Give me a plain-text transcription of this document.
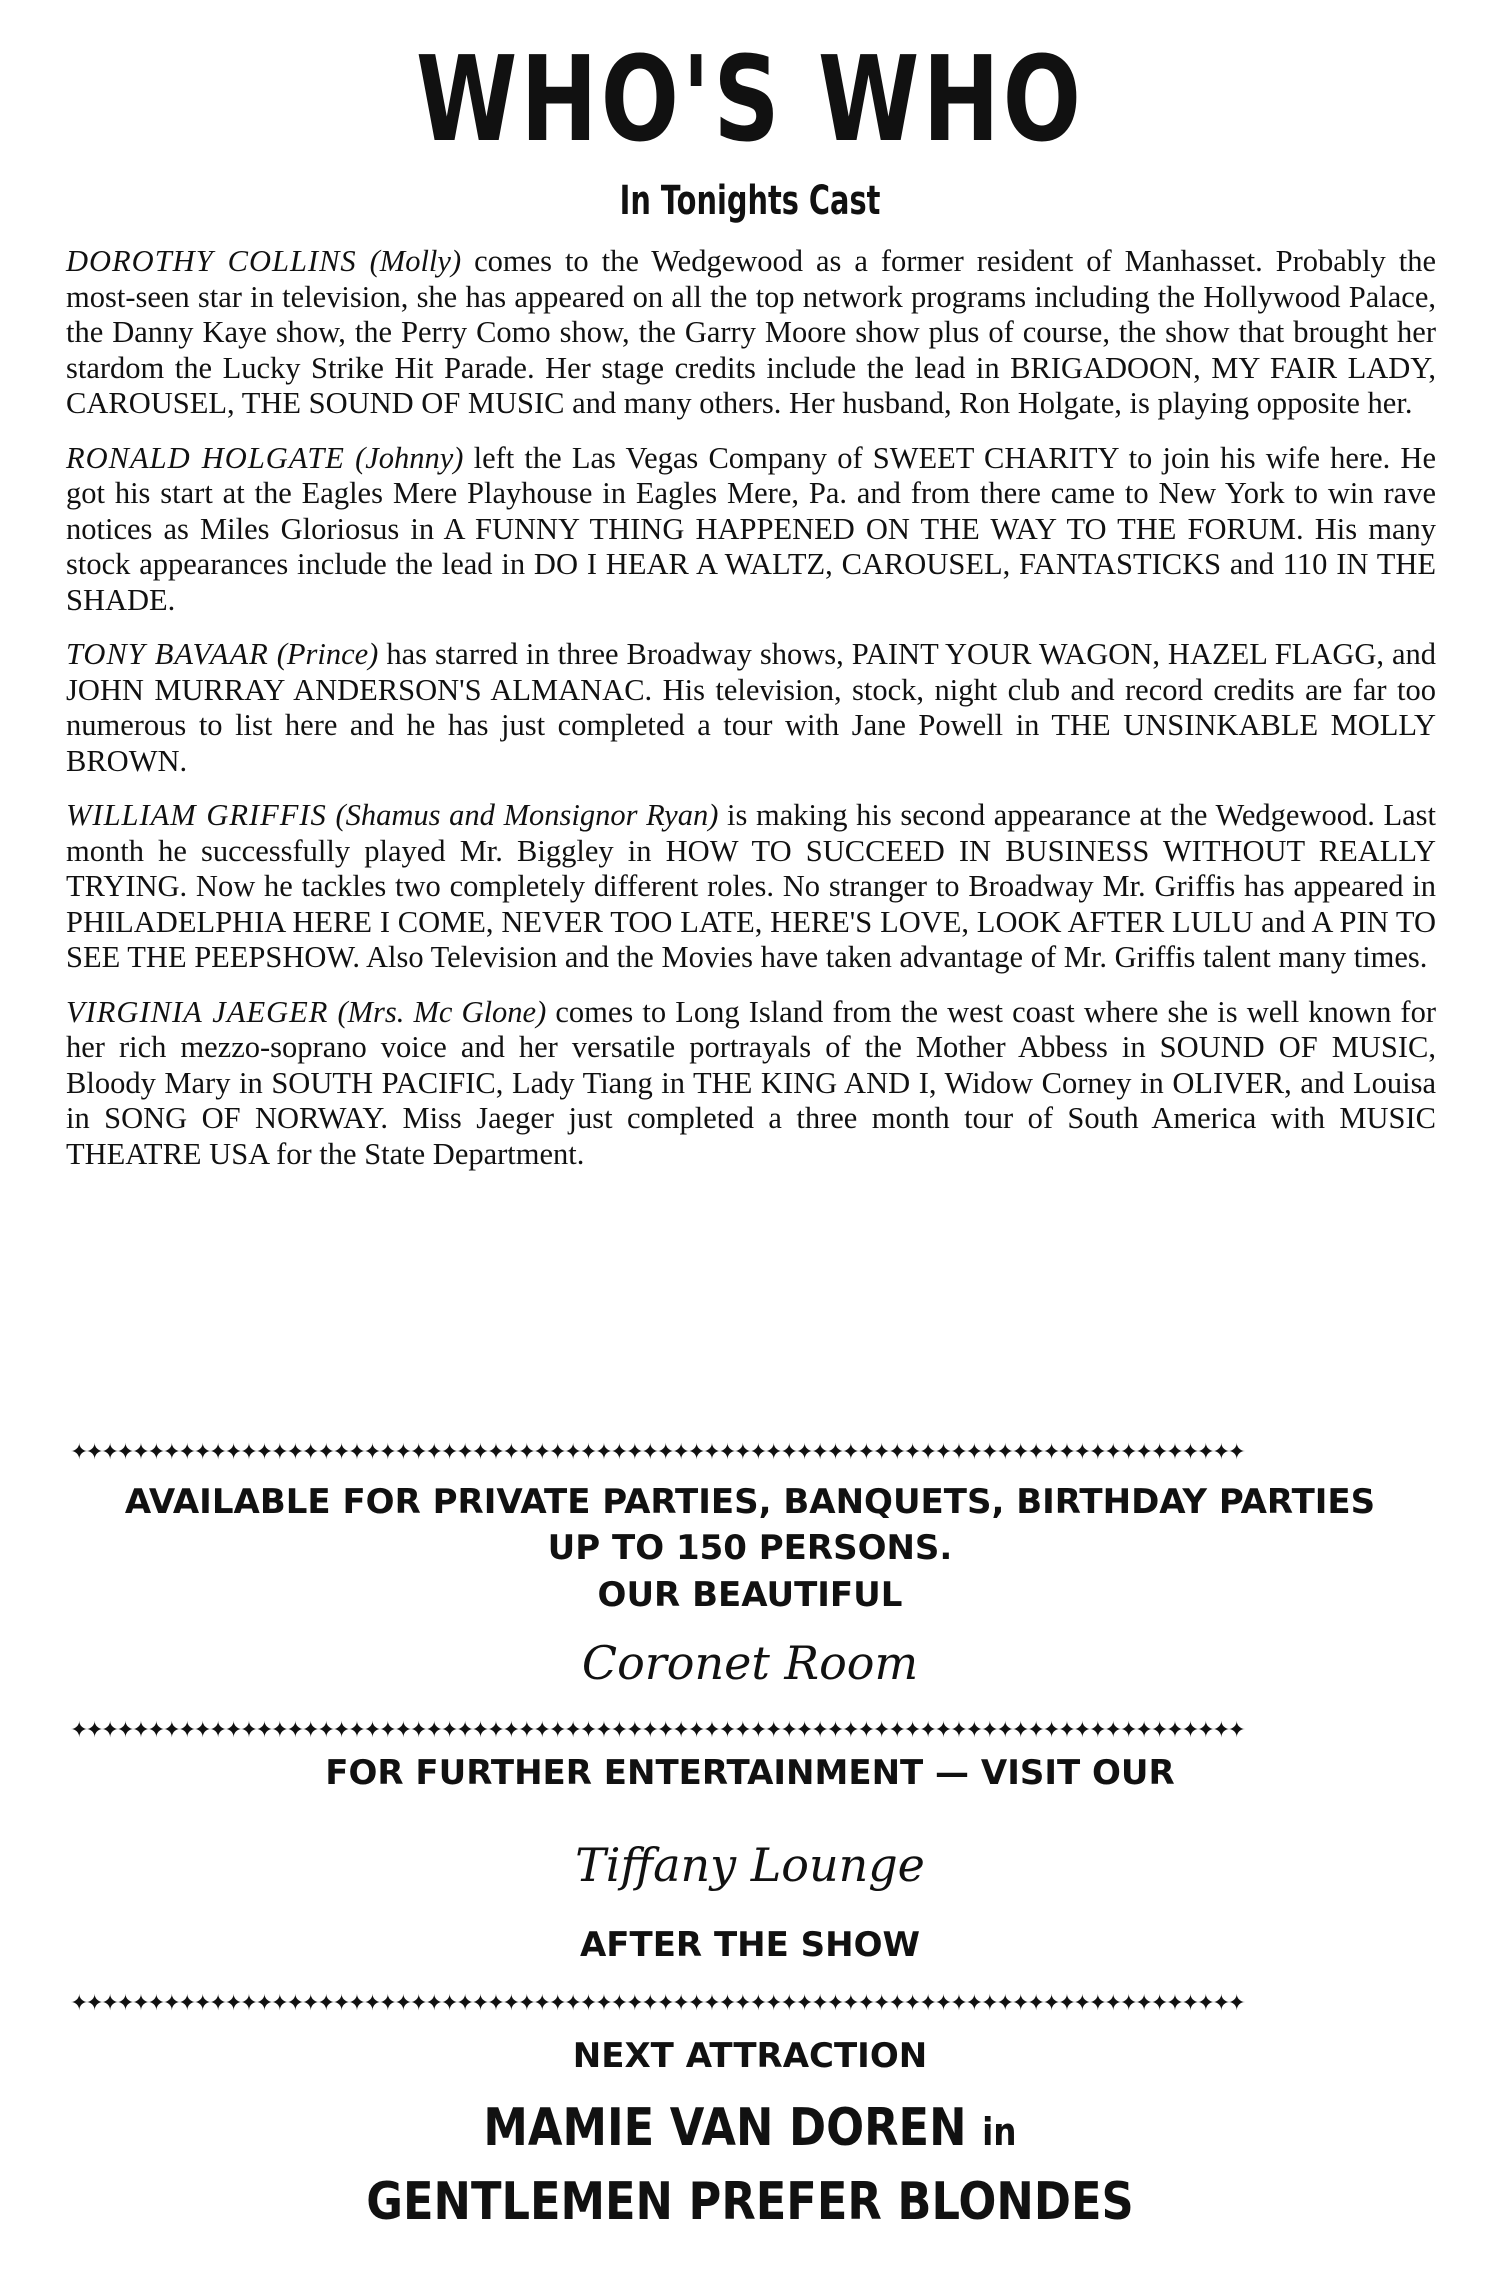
WHO'S WHO
In Tonights Cast

DOROTHY COLLINS (Molly) comes to the Wedgewood as a former resident of Manhasset. Probably the most-seen star in television, she has appeared on all the top network programs including the Hollywood Palace, the Danny Kaye show, the Perry Como show, the Garry Moore show plus of course, the show that brought her stardom the Lucky Strike Hit Parade. Her stage credits include the lead in BRIGADOON, MY FAIR LADY, CAROUSEL, THE SOUND OF MUSIC and many others. Her husband, Ron Holgate, is playing opposite her.

RONALD HOLGATE (Johnny) left the Las Vegas Company of SWEET CHARITY to join his wife here. He got his start at the Eagles Mere Playhouse in Eagles Mere, Pa. and from there came to New York to win rave notices as Miles Gloriosus in A FUNNY THING HAPPENED ON THE WAY TO THE FORUM. His many stock appearances include the lead in DO I HEAR A WALTZ, CAROUSEL, FANTASTICKS and 110 IN THE SHADE.

TONY BAVAAR (Prince) has starred in three Broadway shows, PAINT YOUR WAGON, HAZEL FLAGG, and JOHN MURRAY ANDERSON'S ALMANAC. His television, stock, night club and record credits are far too numerous to list here and he has just completed a tour with Jane Powell in THE UNSINKABLE MOLLY BROWN.

WILLIAM GRIFFIS (Shamus and Monsignor Ryan) is making his second appearance at the Wedgewood. Last month he successfully played Mr. Biggley in HOW TO SUCCEED IN BUSINESS WITHOUT REALLY TRYING. Now he tackles two completely different roles. No stranger to Broadway Mr. Griffis has appeared in PHILADELPHIA HERE I COME, NEVER TOO LATE, HERE'S LOVE, LOOK AFTER LULU and A PIN TO SEE THE PEEPSHOW. Also Television and the Movies have taken advantage of Mr. Griffis talent many times.

VIRGINIA JAEGER (Mrs. Mc Glone) comes to Long Island from the west coast where she is well known for her rich mezzo-soprano voice and her versatile portrayals of the Mother Abbess in SOUND OF MUSIC, Bloody Mary in SOUTH PACIFIC, Lady Tiang in THE KING AND I, Widow Corney in OLIVER, and Louisa in SONG OF NORWAY. Miss Jaeger just completed a three month tour of South America with MUSIC THEATRE USA for the State Department.

✦✦✦✦✦✦✦✦✦✦✦✦✦✦✦✦✦✦✦✦✦✦✦✦✦✦✦✦✦✦✦✦✦✦✦✦✦✦✦✦✦✦✦✦✦✦✦✦✦✦✦✦✦✦✦✦✦✦✦✦✦✦✦✦✦✦✦✦✦✦✦✦✦✦✦✦
AVAILABLE FOR PRIVATE PARTIES, BANQUETS, BIRTHDAY PARTIES
UP TO 150 PERSONS.
OUR BEAUTIFUL
Coronet Room
✦✦✦✦✦✦✦✦✦✦✦✦✦✦✦✦✦✦✦✦✦✦✦✦✦✦✦✦✦✦✦✦✦✦✦✦✦✦✦✦✦✦✦✦✦✦✦✦✦✦✦✦✦✦✦✦✦✦✦✦✦✦✦✦✦✦✦✦✦✦✦✦✦✦✦✦
FOR FURTHER ENTERTAINMENT — VISIT OUR
Tiffany Lounge
AFTER THE SHOW
✦✦✦✦✦✦✦✦✦✦✦✦✦✦✦✦✦✦✦✦✦✦✦✦✦✦✦✦✦✦✦✦✦✦✦✦✦✦✦✦✦✦✦✦✦✦✦✦✦✦✦✦✦✦✦✦✦✦✦✦✦✦✦✦✦✦✦✦✦✦✦✦✦✦✦✦
NEXT ATTRACTION
MAMIE VAN DOREN in
GENTLEMEN PREFER BLONDES
